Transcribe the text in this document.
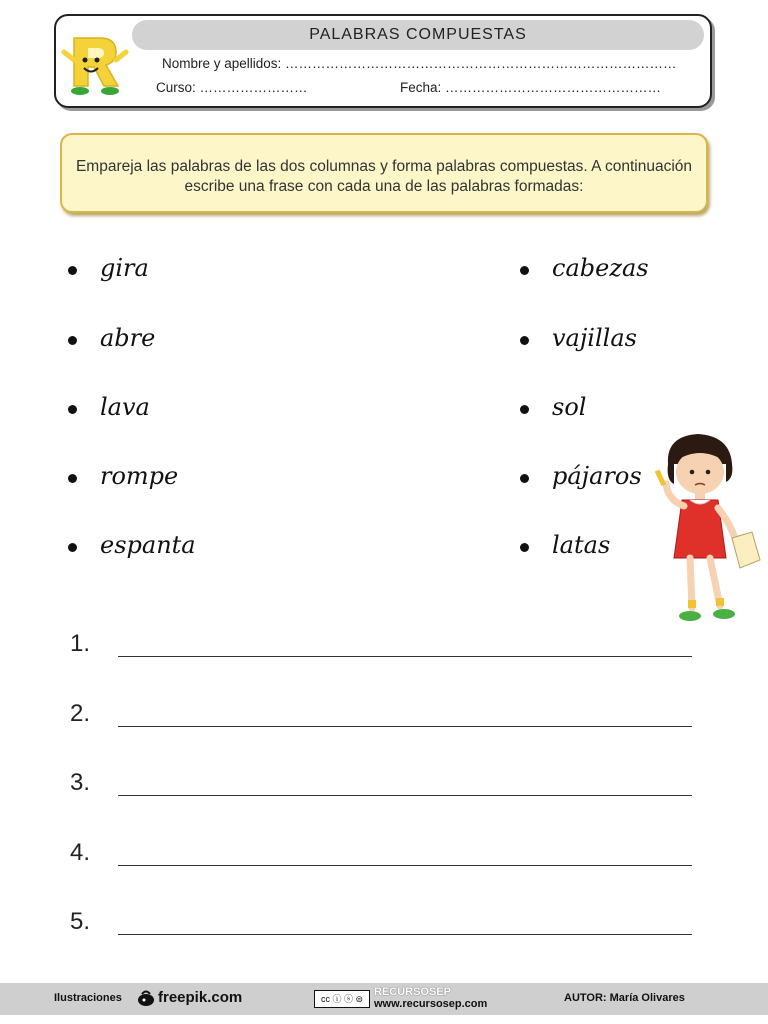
PALABRAS COMPUESTAS
Nombre y apellidos: ……………………………………………………………………………
Curso: ……………………	Fecha: …………………………………………
Empareja las palabras de las dos columnas y forma palabras compuestas. A continuación escribe una frase con cada una de las palabras formadas:
gira
abre
lava
rompe
espanta
cabezas
vajillas
sol
pájaros
latas
1.
2.
3.
4.
5.
Ilustraciones freepik.com	cc ⓘ ⓢ ⊜
RECURSOSEP
www.recursosep.com	AUTOR: María Olivares
